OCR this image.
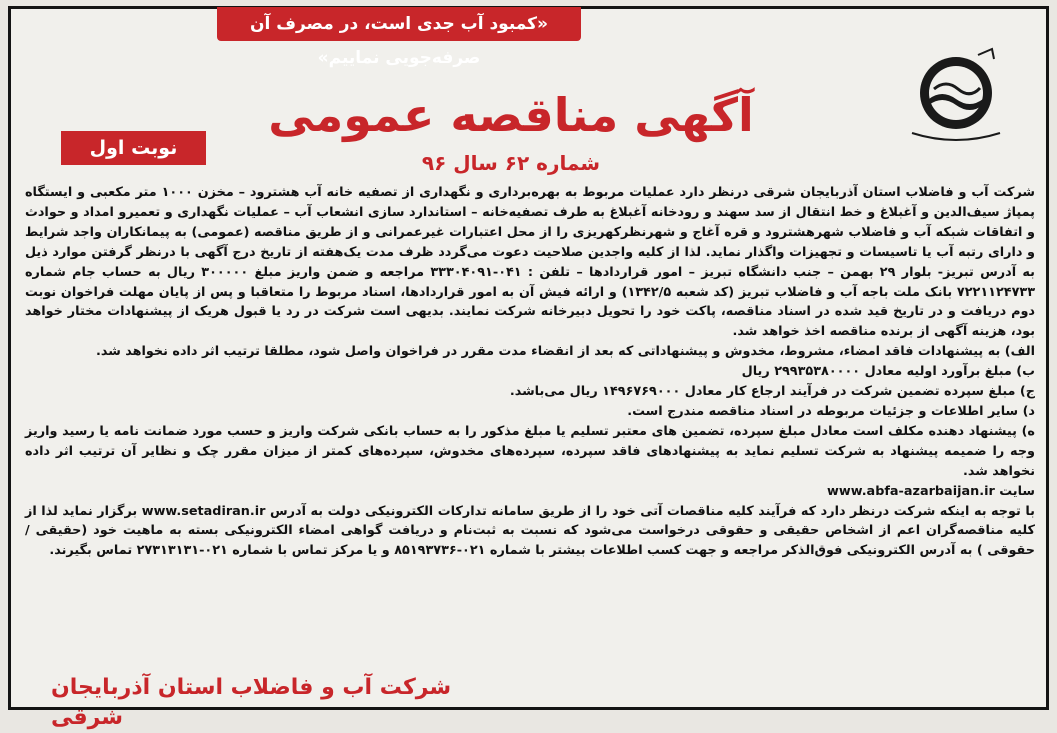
«کمبود آب جدی است، در مصرف آن صرفه‌جویی نماییم»
نوبت اول
آگهی مناقصه عمومی
شماره ۶۲ سال ۹۶

شرکت آب و فاضلاب استان آذربایجان شرقی درنظر دارد عملیات مربوط به بهره‌برداری و نگهداری از تصفیه خانه آب هشترود – مخزن ۱۰۰۰ متر مکعبی و ایستگاه پمپاژ سیف‌الدین و آغبلاغ و خط انتقال از سد سهند و رودخانه آغبلاغ به طرف تصفیه‌خانه – استاندارد سازی انشعاب آب – عملیات نگهداری و تعمیرو امداد و حوادث و اتفاقات شبکه آب و فاضلاب شهرهشترود و قره آغاج و شهرنظرکهریزی را از محل اعتبارات غیرعمرانی و از طریق مناقصه (عمومی) به پیمانکاران واجد شرایط و دارای رتبه آب یا تاسیسات و تجهیزات واگذار نماید. لذا از کلیه واجدین صلاحیت دعوت می‌گردد ظرف مدت یک‌هفته از تاریخ درج آگهی با درنظر گرفتن موارد ذیل به آدرس تبریز- بلوار ۲۹ بهمن – جنب دانشگاه تبریز – امور قراردادها – تلفن : ۰۴۱-۳۳۳۰۴۰۹۱ مراجعه و ضمن واریز مبلغ ۳۰۰۰۰۰ ریال به حساب جام شماره ۷۲۲۱۱۲۴۷۳۳ بانک ملت باجه آب و فاضلاب تبریز (کد شعبه ۱۳۴۲/۵) و ارائه فیش آن به امور قراردادها، اسناد مربوط را متعاقبا و پس از پایان مهلت فراخوان نوبت دوم دریافت و در تاریخ قید شده در اسناد مناقصه، پاکت خود را تحویل دبیرخانه شرکت نمایند. بدیهی است شرکت در رد یا قبول هریک از پیشنهادات مختار خواهد بود، هزینه آگهی از برنده مناقصه اخذ خواهد شد.

الف) به پیشنهادات فاقد امضاء، مشروط، مخدوش و پیشنهاداتی که بعد از انقضاء مدت مقرر در فراخوان واصل شود، مطلقا ترتیب اثر داده نخواهد شد.

ب) مبلغ برآورد اولیه معادل ۲۹۹۳۵۳۸۰۰۰۰ ریال

ج) مبلغ سپرده تضمین شرکت در فرآیند ارجاع کار معادل ۱۴۹۶۷۶۹۰۰۰ ریال می‌باشد.

د) سایر اطلاعات و جزئیات مربوطه در اسناد مناقصه مندرج است.

ه) پیشنهاد دهنده مکلف است معادل مبلغ سپرده، تضمین های معتبر تسلیم یا مبلغ مذکور را به حساب بانکی شرکت واریز و حسب مورد ضمانت نامه یا رسید واریز وجه را ضمیمه پیشنهاد به شرکت تسلیم نماید به پیشنهادهای فاقد سپرده، سپرده‌های مخدوش، سپرده‌های کمتر از میزان مقرر چک و نظایر آن ترتیب اثر داده نخواهد شد.

سایت www.abfa-azarbaijan.ir

با توجه به اینکه شرکت درنظر دارد که فرآیند کلیه مناقصات آتی خود را از طریق سامانه تدارکات الکترونیکی دولت به آدرس www.setadiran.ir برگزار نماید لذا از کلیه مناقصه‌گران اعم از اشخاص حقیقی و حقوقی درخواست می‌شود که نسبت به ثبت‌نام و دریافت گواهی امضاء الکترونیکی بسته به ماهیت خود (حقیقی / حقوقی ) به آدرس الکترونیکی فوق‌الذکر مراجعه و جهت کسب اطلاعات بیشتر با شماره ۰۲۱-۸۵۱۹۳۷۳۶ و یا مرکز تماس با شماره ۰۲۱-۲۷۳۱۳۱۳۱ تماس بگیرند.

شرکت آب و فاضلاب استان آذربایجان شرقی
